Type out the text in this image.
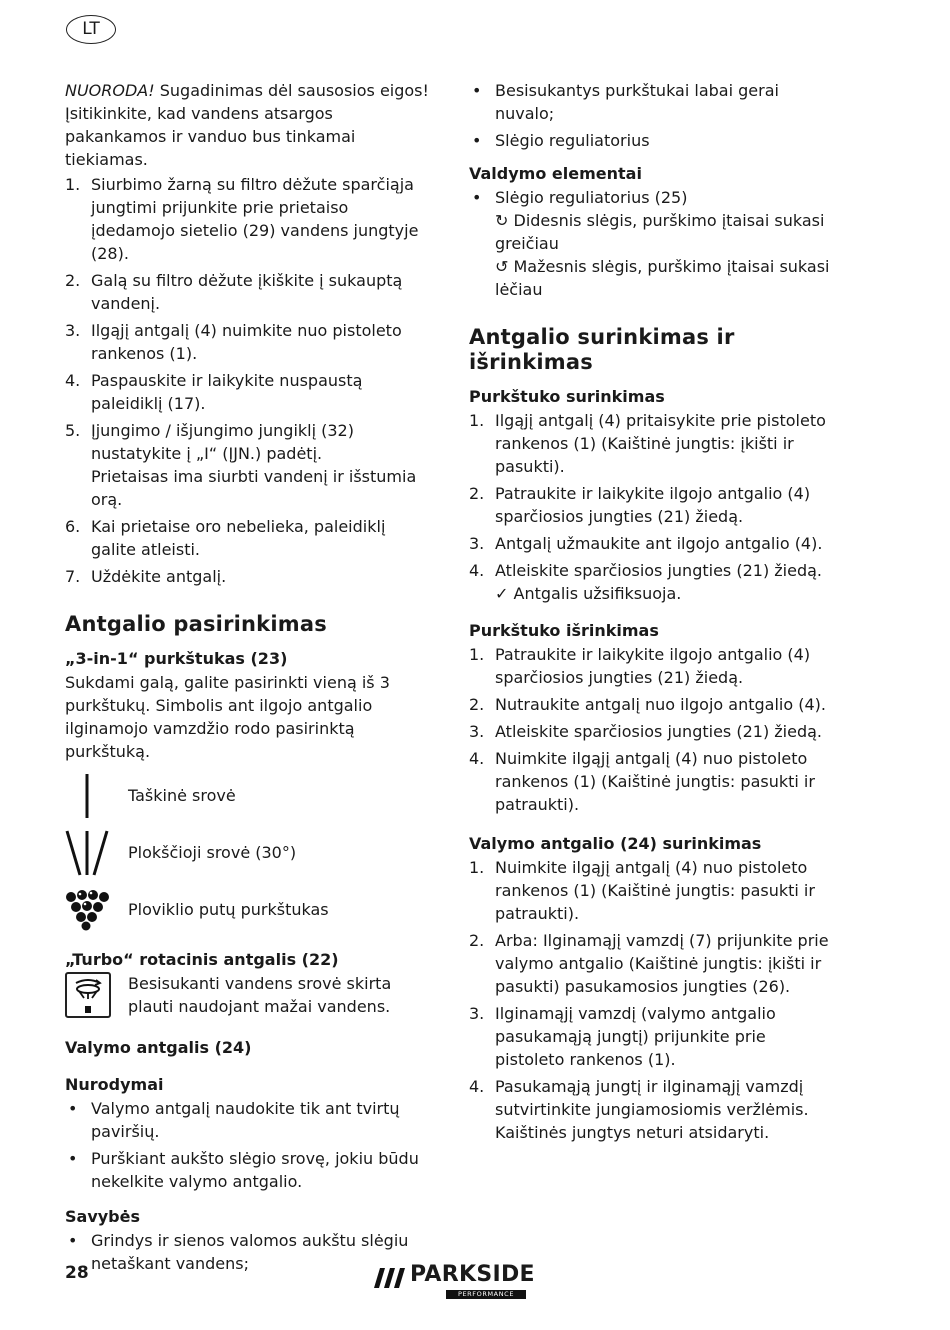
LT

NUORODA! Sugadinimas dėl sausosios eigos! Įsitikinkite, kad vandens atsargos pakankamos ir vanduo bus tinkamai tiekiamas.

1. Siurbimo žarną su filtro dėžute sparčiąja jungtimi prijunkite prie prietaiso įdedamojo sietelio (29) vandens jungtyje (28).
2. Galą su filtro dėžute įkiškite į sukauptą vandenį.
3. Ilgąjį antgalį (4) nuimkite nuo pistoleto rankenos (1).
4. Paspauskite ir laikykite nuspaustą paleidiklį (17).
5. Įjungimo / išjungimo jungiklį (32) nustatykite į „I“ (ĮJN.) padėtį.
Prietaisas ima siurbti vandenį ir išstumia orą.
6. Kai prietaise oro nebelieka, paleidiklį galite atleisti.
7. Uždėkite antgalį.
Antgalio pasirinkimas
„3-in-1“ purkštukas (23)

Sukdami galą, galite pasirinkti vieną iš 3 purkštukų. Simbolis ant ilgojo antgalio ilginamojo vamzdžio rodo pasirinktą purkštuką.

Taškinė srovė
Plokščioji srovė (30°)
Ploviklio putų purkštukas
„Turbo“ rotacinis antgalis (22)

Besisukanti vandens srovė skirta plauti naudojant mažai vandens.

Valymo antgalis (24)
Nurodymai
• Valymo antgalį naudokite tik ant tvirtų paviršių.
• Purškiant aukšto slėgio srovę, jokiu būdu nekelkite valymo antgalio.
Savybės
• Grindys ir sienos valomos aukštu slėgiu netaškant vandens;
• Besisukantys purkštukai labai gerai nuvalo;
• Slėgio reguliatorius
Valdymo elementai
• Slėgio reguliatorius (25)
↻ Didesnis slėgis, purškimo įtaisai sukasi greičiau
↺ Mažesnis slėgis, purškimo įtaisai sukasi lėčiau
Antgalio surinkimas ir išrinkimas
Purkštuko surinkimas
1. Ilgąjį antgalį (4) pritaisykite prie pistoleto rankenos (1) (Kaištinė jungtis: įkišti ir pasukti).
2. Patraukite ir laikykite ilgojo antgalio (4) sparčiosios jungties (21) žiedą.
3. Antgalį užmaukite ant ilgojo antgalio (4).
4. Atleiskite sparčiosios jungties (21) žiedą.
✓ Antgalis užsifiksuoja.
Purkštuko išrinkimas
1. Patraukite ir laikykite ilgojo antgalio (4) sparčiosios jungties (21) žiedą.
2. Nutraukite antgalį nuo ilgojo antgalio (4).
3. Atleiskite sparčiosios jungties (21) žiedą.
4. Nuimkite ilgąjį antgalį (4) nuo pistoleto rankenos (1) (Kaištinė jungtis: pasukti ir patraukti).
Valymo antgalio (24) surinkimas
1. Nuimkite ilgąjį antgalį (4) nuo pistoleto rankenos (1) (Kaištinė jungtis: pasukti ir patraukti).
2. Arba: Ilginamąjį vamzdį (7) prijunkite prie valymo antgalio (Kaištinė jungtis: įkišti ir pasukti) pasukamosios jungties (26).
3. Ilginamąjį vamzdį (valymo antgalio pasukamąją jungtį) prijunkite prie pistoleto rankenos (1).
4. Pasukamąją jungtį ir ilginamąjį vamzdį sutvirtinkite jungiamosiomis veržlėmis. Kaištinės jungtys neturi atsidaryti.
28	PARKSIDE
PERFORMANCE
